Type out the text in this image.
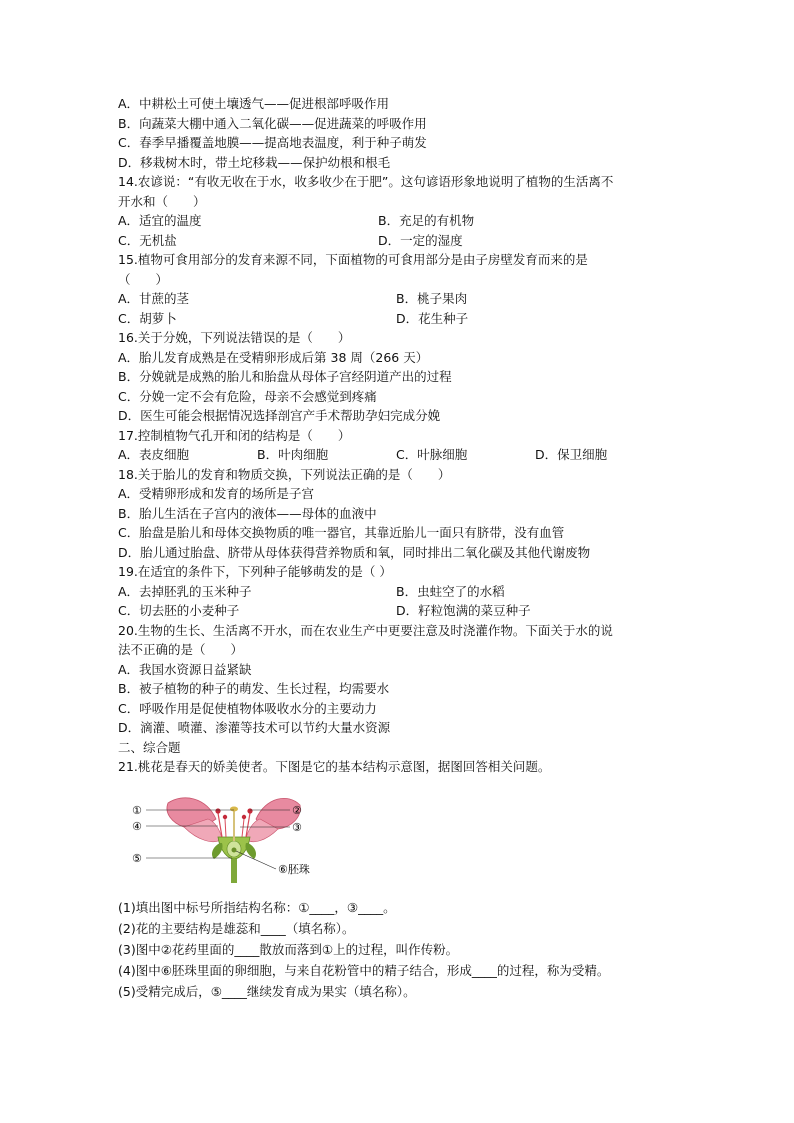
A．中耕松土可使土壤透气——促进根部呼吸作用
B．向蔬菜大棚中通入二氧化碳——促进蔬菜的呼吸作用
C．春季早播覆盖地膜——提高地表温度，利于种子萌发
D．移栽树木时，带土坨移栽——保护幼根和根毛
14.农谚说：“有收无收在于水，收多收少在于肥”。这句谚语形象地说明了植物的生活离不
开水和（　　）
A．适宜的温度	B．充足的有机物
C．无机盐	D．一定的湿度
15.植物可食用部分的发育来源不同，下面植物的可食用部分是由子房壁发育而来的是
（　　）
A．甘蔗的茎	B．桃子果肉
C．胡萝卜	D．花生种子
16.关于分娩，下列说法错误的是（　　）
A．胎儿发育成熟是在受精卵形成后第 38 周（266 天）
B．分娩就是成熟的胎儿和胎盘从母体子宫经阴道产出的过程
C．分娩一定不会有危险，母亲不会感觉到疼痛
D．医生可能会根据情况选择剖宫产手术帮助孕妇完成分娩
17.控制植物气孔开和闭的结构是（　　）
A．表皮细胞	B．叶肉细胞	C．叶脉细胞	D．保卫细胞
18.关于胎儿的发育和物质交换，下列说法正确的是（　　）
A．受精卵形成和发育的场所是子宫
B．胎儿生活在子宫内的液体——母体的血液中
C．胎盘是胎儿和母体交换物质的唯一器官，其靠近胎儿一面只有脐带，没有血管
D．胎儿通过胎盘、脐带从母体获得营养物质和氧，同时排出二氧化碳及其他代谢废物
19.在适宜的条件下，下列种子能够萌发的是（ ）
A．去掉胚乳的玉米种子	B．虫蛀空了的水稻
C．切去胚的小麦种子	D．籽粒饱满的菜豆种子
20.生物的生长、生活离不开水，而在农业生产中更要注意及时浇灌作物。下面关于水的说
法不正确的是（　　）
A．我国水资源日益紧缺
B．被子植物的种子的萌发、生长过程，均需要水
C．呼吸作用是促使植物体吸收水分的主要动力
D．滴灌、喷灌、渗灌等技术可以节约大量水资源
二、综合题
21.桃花是春天的娇美使者。下图是它的基本结构示意图，据图回答相关问题。
①
④
⑤
②
③
⑥胚珠
(1)填出图中标号所指结构名称：①____，③____。
(2)花的主要结构是雄蕊和____（填名称）。
(3)图中②花药里面的____散放而落到①上的过程，叫作传粉。
(4)图中⑥胚珠里面的卵细胞，与来自花粉管中的精子结合，形成____的过程，称为受精。
(5)受精完成后，⑤____继续发育成为果实（填名称）。
